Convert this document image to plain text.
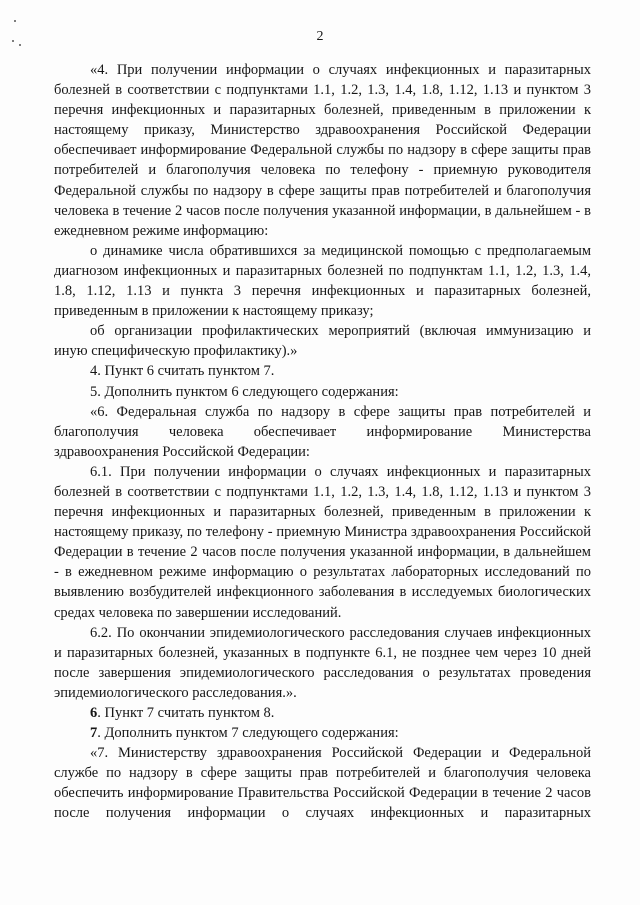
2

«4. При получении информации о случаях инфекционных и паразитарных болезней в соответствии с подпунктами 1.1, 1.2, 1.3, 1.4, 1.8, 1.12, 1.13 и пунктом 3 перечня инфекционных и паразитарных болезней, приведенным в приложении к настоящему приказу, Министерство здравоохранения Российской Федерации обеспечивает информирование Федеральной службы по надзору в сфере защиты прав потребителей и благополучия человека по телефону - приемную руководителя Федеральной службы по надзору в сфере защиты прав потребителей и благополучия человека в течение 2 часов после получения указанной информации, в дальнейшем - в ежедневном режиме информацию:

о динамике числа обратившихся за медицинской помощью с предполагаемым диагнозом инфекционных и паразитарных болезней по подпунктам 1.1, 1.2, 1.3, 1.4, 1.8, 1.12, 1.13 и пункта 3 перечня инфекционных и паразитарных болезней, приведенным в приложении к настоящему приказу;

об организации профилактических мероприятий (включая иммунизацию и иную специфическую профилактику).»

4. Пункт 6 считать пунктом 7.

5. Дополнить пунктом 6 следующего содержания:

«6. Федеральная служба по надзору в сфере защиты прав потребителей и благополучия человека обеспечивает информирование Министерства здравоохранения Российской Федерации:

6.1. При получении информации о случаях инфекционных и паразитарных болезней в соответствии с подпунктами 1.1, 1.2, 1.3, 1.4, 1.8, 1.12, 1.13 и пунктом 3 перечня инфекционных и паразитарных болезней, приведенным в приложении к настоящему приказу, по телефону - приемную Министра здравоохранения Российской Федерации в течение 2 часов после получения указанной информации, в дальнейшем - в ежедневном режиме информацию о результатах лабораторных исследований по выявлению возбудителей инфекционного заболевания в исследуемых биологических средах человека по завершении исследований.

6.2. По окончании эпидемиологического расследования случаев инфекционных и паразитарных болезней, указанных в подпункте 6.1, не позднее чем через 10 дней после завершения эпидемиологического расследования о результатах проведения эпидемиологического расследования.».

6. Пункт 7 считать пунктом 8.

7. Дополнить пунктом 7 следующего содержания:

«7. Министерству здравоохранения Российской Федерации и Федеральной службе по надзору в сфере защиты прав потребителей и благополучия человека обеспечить информирование Правительства Российской Федерации в течение 2 часов после получения информации о случаях инфекционных и паразитарных
